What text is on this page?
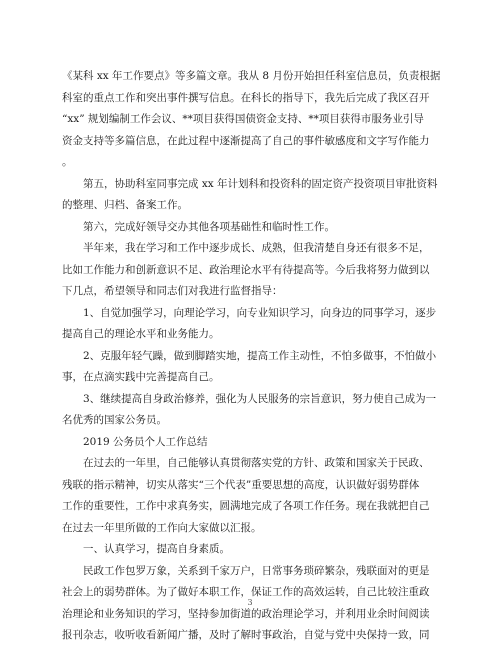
《某科 xx 年工作要点》等多篇文章。我从 8 月份开始担任科室信息员，负责根据
科室的重点工作和突出事件撰写信息。在科长的指导下，我先后完成了我区召开
“xx” 规划编制工作会议、**项目获得国债资金支持、**项目获得市服务业引导
资金支持等多篇信息，在此过程中逐渐提高了自己的事件敏感度和文字写作能力
。

第五，协助科室同事完成 xx 年计划科和投资科的固定资产投资项目审批资料
的整理、归档、备案工作。

第六，完成好领导交办其他各项基础性和临时性工作。

半年来，我在学习和工作中逐步成长、成熟，但我清楚自身还有很多不足，
比如工作能力和创新意识不足、政治理论水平有待提高等。今后我将努力做到以
下几点，希望领导和同志们对我进行监督指导：

1、自觉加强学习，向理论学习，向专业知识学习，向身边的同事学习，逐步
提高自己的理论水平和业务能力。

2、克服年轻气躁，做到脚踏实地，提高工作主动性，不怕多做事，不怕做小
事，在点滴实践中完善提高自己。

3、继续提高自身政治修养，强化为人民服务的宗旨意识，努力使自己成为一
名优秀的国家公务员。

2019 公务员个人工作总结

在过去的一年里，自己能够认真贯彻落实党的方针、政策和国家关于民政、
残联的指示精神，切实从落实“三个代表”重要思想的高度，认识做好弱势群体
工作的重要性，工作中求真务实，圆满地完成了各项工作任务。现在我就把自己
在过去一年里所做的工作向大家做以汇报。

一、认真学习，提高自身素质。

民政工作包罗万象，关系到千家万户，日常事务琐碎繁杂，残联面对的更是
社会上的弱势群体。为了做好本职工作，保证工作的高效运转，自己比较注重政
治理论和业务知识的学习，坚持参加街道的政治理论学习，并利用业余时间阅读
报刊杂志，收听收看新闻广播，及时了解时事政治，自觉与党中央保持一致，同

3
